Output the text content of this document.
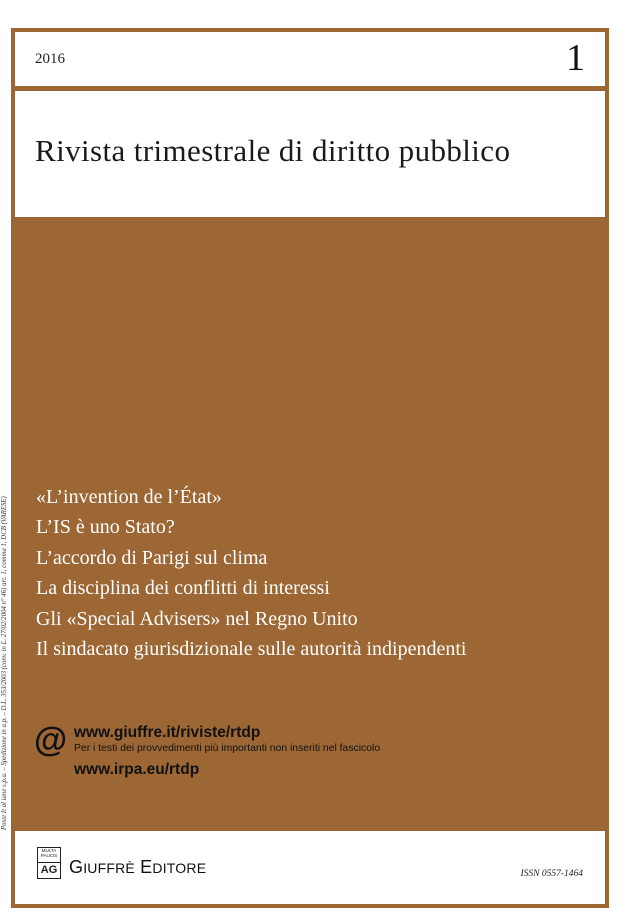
2016	1
Rivista trimestrale di diritto pubblico
«L’invention de l’État»
L’IS è uno Stato?
L’accordo di Parigi sul clima
La disciplina dei conflitti di interessi
Gli «Special Advisers» nel Regno Unito
Il sindacato giurisdizionale sulle autorità indipendenti
@ www.giuffre.it/riviste/rtdp
Per i testi dei provvedimenti più importanti non inseriti nel fascicolo
www.irpa.eu/rtdp
MULTA PAUCIS
AG GIUFFRÈ EDITORE	ISSN 0557-1464
Poste It al iane s.p.a. – Spedizione in a.p. – D.L. 353/2003 (conv. in L. 27/02/2004 n° 46) art. 1, comma 1, DCB (VARESE)
